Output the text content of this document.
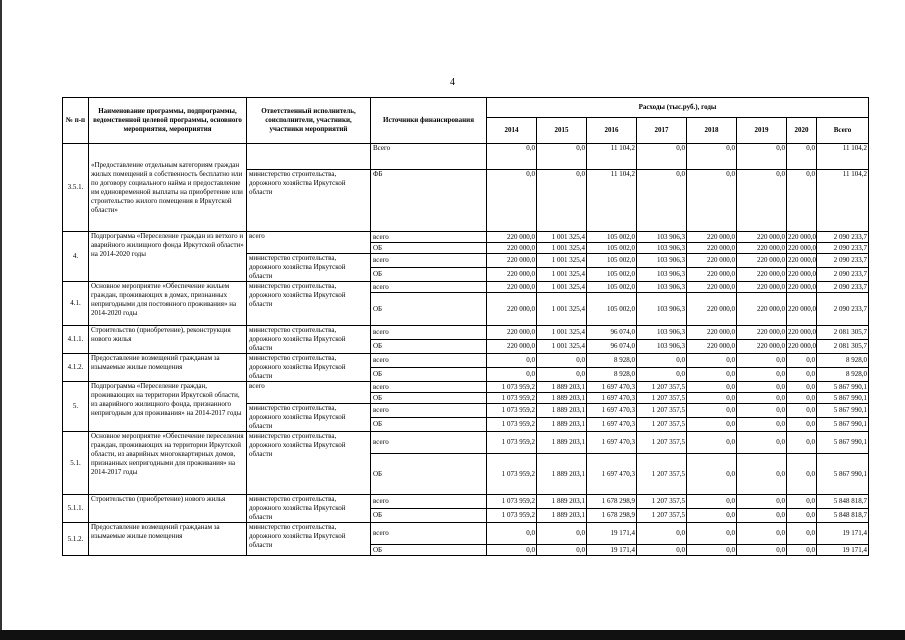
4
№ п-п	Наименование программы, подпрограммы, ведомственной целевой программы, основного мероприятия, мероприятия	Ответственный исполнитель, соисполнители, участники, участники мероприятий	Источники финансирования	Расходы (тыс.руб.), годы							
				2014	2015	2016	2017	2018	2019	2020	Всего
3.5.1.	«Предоставление отдельным категориям граждан жилых помещений в собственность бесплатно или по договору социального найма и предоставление им единовременной выплаты на приобретение или строительство жилого помещения в Иркутской области»		Всего	0,0	0,0	11 104,2	0,0	0,0	0,0	0,0	11 104,2
		министерство строительства, дорожного хозяйства Иркутской области	ФБ	0,0	0,0	11 104,2	0,0	0,0	0,0	0,0	11 104,2
4.	Подпрограмма «Переселение граждан из ветхого и аварийного жилищного фонда Иркутской области» на 2014-2020 годы	всего	всего	220 000,0	1 001 325,4	105 002,0	103 906,3	220 000,0	220 000,0	220 000,0	2 090 233,7
			ОБ	220 000,0	1 001 325,4	105 002,0	103 906,3	220 000,0	220 000,0	220 000,0	2 090 233,7
		министерство строительства, дорожного хозяйства Иркутской области	всего	220 000,0	1 001 325,4	105 002,0	103 906,3	220 000,0	220 000,0	220 000,0	2 090 233,7
			ОБ	220 000,0	1 001 325,4	105 002,0	103 906,3	220 000,0	220 000,0	220 000,0	2 090 233,7
4.1.	Основное мероприятие «Обеспечение жильем граждан, проживающих в домах, признанных непригодными для постоянного проживания» на 2014-2020 годы	министерство строительства, дорожного хозяйства Иркутской области	всего	220 000,0	1 001 325,4	105 002,0	103 906,3	220 000,0	220 000,0	220 000,0	2 090 233,7
			ОБ	220 000,0	1 001 325,4	105 002,0	103 906,3	220 000,0	220 000,0	220 000,0	2 090 233,7
4.1.1.	Строительство (приобретение), реконструкция нового жилья	министерство строительства, дорожного хозяйства Иркутской области	всего	220 000,0	1 001 325,4	96 074,0	103 906,3	220 000,0	220 000,0	220 000,0	2 081 305,7
			ОБ	220 000,0	1 001 325,4	96 074,0	103 906,3	220 000,0	220 000,0	220 000,0	2 081 305,7
4.1.2.	Предоставление возмещений гражданам за изымаемые жилые помещения	министерство строительства, дорожного хозяйства Иркутской области	всего	0,0	0,0	8 928,0	0,0	0,0	0,0	0,0	8 928,0
			ОБ	0,0	0,0	8 928,0	0,0	0,0	0,0	0,0	8 928,0
5.	Подпрограмма «Переселение граждан, проживающих на территории Иркутской области, из аварийного жилищного фонда, признанного непригодным для проживания» на 2014-2017 годы	всего	всего	1 073 959,2	1 889 203,1	1 697 470,3	1 207 357,5	0,0	0,0	0,0	5 867 990,1
			ОБ	1 073 959,2	1 889 203,1	1 697 470,3	1 207 357,5	0,0	0,0	0,0	5 867 990,1
		министерство строительства, дорожного хозяйства Иркутской области	всего	1 073 959,2	1 889 203,1	1 697 470,3	1 207 357,5	0,0	0,0	0,0	5 867 990,1
			ОБ	1 073 959,2	1 889 203,1	1 697 470,3	1 207 357,5	0,0	0,0	0,0	5 867 990,1
5.1.	Основное мероприятие «Обеспечение переселения граждан, проживающих на территории Иркутской области, из аварийных многоквартирных домов, признанных непригодными для проживания» на 2014-2017 годы	министерство строительства, дорожного хозяйства Иркутской области	всего	1 073 959,2	1 889 203,1	1 697 470,3	1 207 357,5	0,0	0,0	0,0	5 867 990,1
			ОБ	1 073 959,2	1 889 203,1	1 697 470,3	1 207 357,5	0,0	0,0	0,0	5 867 990,1
5.1.1.	Строительство (приобретение) нового жилья	министерство строительства, дорожного хозяйства Иркутской области	всего	1 073 959,2	1 889 203,1	1 678 298,9	1 207 357,5	0,0	0,0	0,0	5 848 818,7
			ОБ	1 073 959,2	1 889 203,1	1 678 298,9	1 207 357,5	0,0	0,0	0,0	5 848 818,7
5.1.2.	Предоставление возмещений гражданам за изымаемые жилые помещения	министерство строительства, дорожного хозяйства Иркутской области	всего	0,0	0,0	19 171,4	0,0	0,0	0,0	0,0	19 171,4
			ОБ	0,0	0,0	19 171,4	0,0	0,0	0,0	0,0	19 171,4
